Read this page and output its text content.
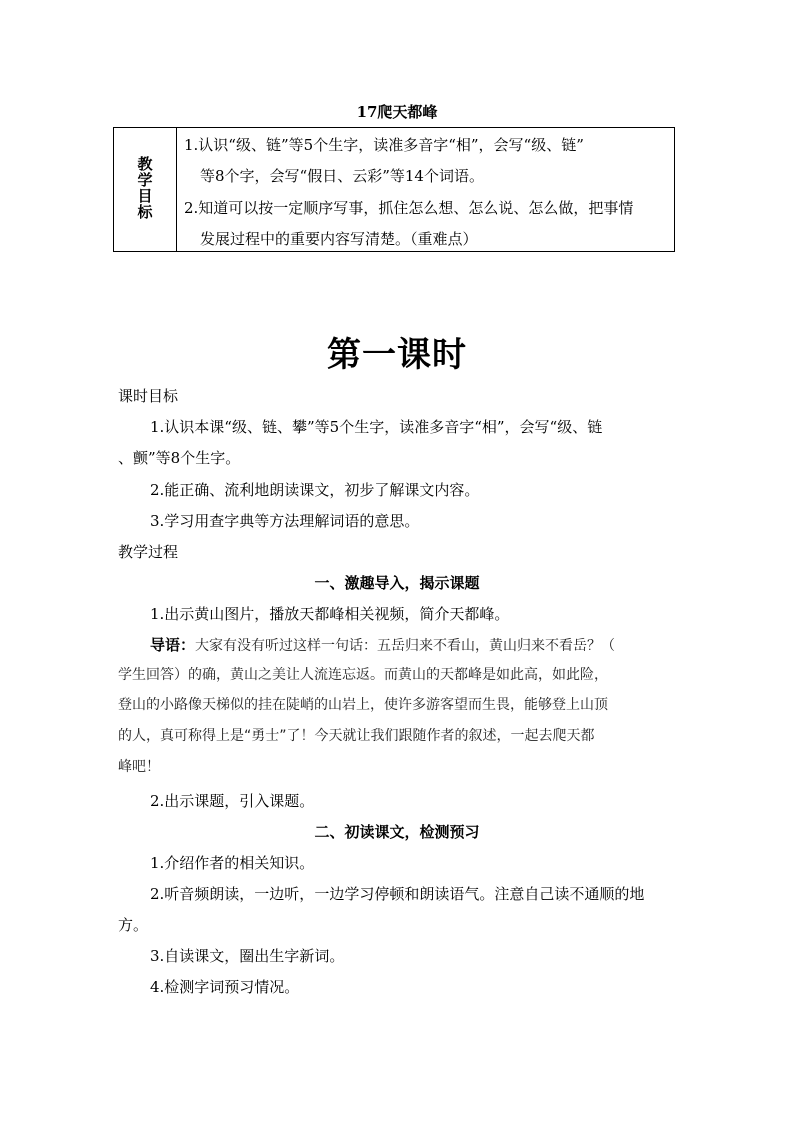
17爬天都峰
教学目标
1.认识“级、链”等5个生字，读准多音字“相”，会写“级、链”
等8个字，会写“假日、云彩”等14个词语。
2.知道可以按一定顺序写事，抓住怎么想、怎么说、怎么做，把事情
发展过程中的重要内容写清楚。（重难点）
第一课时
课时目标
1.认识本课“级、链、攀”等5个生字，读准多音字“相”，会写“级、链
、颤”等8个生字。
2.能正确、流利地朗读课文，初步了解课文内容。
3.学习用查字典等方法理解词语的意思。
教学过程
一、激趣导入，揭示课题
1.出示黄山图片，播放天都峰相关视频，简介天都峰。
导语：大家有没有听过这样一句话：五岳归来不看山，黄山归来不看岳？（
学生回答）的确，黄山之美让人流连忘返。而黄山的天都峰是如此高，如此险，
登山的小路像天梯似的挂在陡峭的山岩上，使许多游客望而生畏，能够登上山顶
的人，真可称得上是“勇士”了！今天就让我们跟随作者的叙述，一起去爬天都
峰吧！
2.出示课题，引入课题。
二、初读课文，检测预习
1.介绍作者的相关知识。
2.听音频朗读，一边听，一边学习停顿和朗读语气。注意自己读不通顺的地
方。
3.自读课文，圈出生字新词。
4.检测字词预习情况。
